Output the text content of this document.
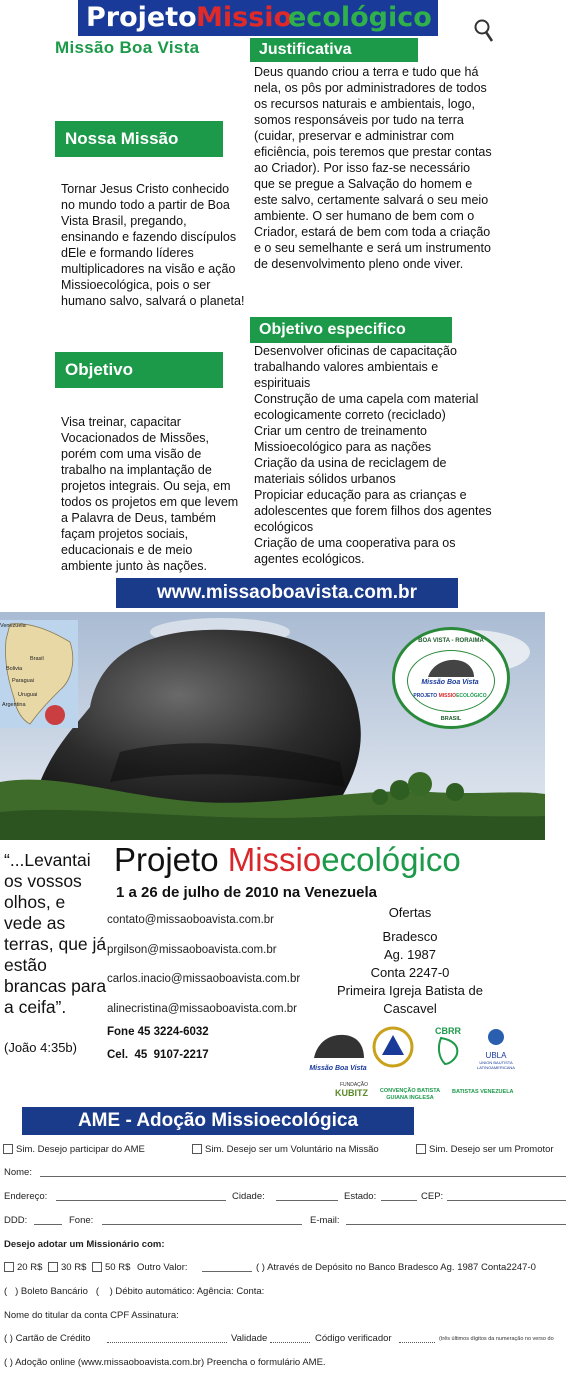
Projeto Missio
ecológico
Missão Boa Vista
Nossa Missão
Tornar Jesus Cristo conhecido no mundo todo a partir de Boa Vista Brasil, pregando, ensinando e fazendo discípulos dEle e formando líderes multiplicadores na visão e ação Missioecológica, pois o ser humano salvo, salvará o planeta!
Objetivo
Visa treinar, capacitar Vocacionados de Missões, porém com uma visão de trabalho na implantação de projetos integrais. Ou seja, em todos os projetos em que levem a Palavra de Deus, também façam projetos sociais, educacionais e de meio ambiente junto às nações.
Justificativa
Deus quando criou a terra e tudo que há nela, os pôs por administradores de todos os recursos naturais e ambientais, logo, somos responsáveis por tudo na terra (cuidar, preservar e administrar com eficiência, pois teremos que prestar contas ao Criador). Por isso faz-se necessário que se pregue a Salvação do homem e este salvo, certamente salvará o seu meio ambiente. O ser humano de bem com o Criador, estará de bem com toda a criação e o seu semelhante e será um instrumento de desenvolvimento pleno onde viver.
Objetivo especifico
Desenvolver oficinas de capacitação trabalhando valores ambientais e espirituais
Construção de uma capela com material ecologicamente correto (reciclado)
Criar um centro de treinamento Missioecológico para as nações
Criação da usina de reciclagem de materiais sólidos urbanos
Propiciar educação para as crianças e adolescentes que forem filhos dos agentes ecológicos
Criação de uma cooperativa para os agentes ecológicos.
www.missaoboavista.com.br
Venezuela
Brasil
Bolivia
Paraguai
Uruguai
Argentina
BOA VISTA - RORAIMA
Missão Boa Vista
PROJETO MISSIOECOLÓGICO
BRASIL
“...Levantai os vossos olhos, e vede as terras, que já estão brancas para a ceifa”.
(João 4:35b)
Projeto Missioecológico
1 a 26 de julho de 2010 na Venezuela
contato@missaoboavista.com.br
prgilson@missaoboavista.com.br
carlos.inacio@missaoboavista.com.br
alinecristina@missaoboavista.com.br
Fone 45 3224-6032
Cel.  45  9107-2217
Ofertas
Bradesco
Ag. 1987
Conta 2247-0
Primeira Igreja Batista de Cascavel
Missão Boa Vista
CBRR
UBLA
UNION BAUTISTA LATINOAMERICANA
FUNDAÇÃO
KUBITZ	CONVENÇÃO BATISTA
GUIANA INGLESA
BATISTAS VENEZUELA
AME - Adoção Missioecológica
Sim. Desejo participar do AME	Sim. Desejo ser um Voluntário na Missão	Sim. Desejo ser um Promotor
Nome:
Endereço:	Cidade:	Estado:	CEP:
DDD:	Fone:	E-mail:
Desejo adotar um Missionário com:
20 R$ 30 R$ 50 R$ Outro Valor:	( ) Através de Depósito no Banco Bradesco Ag. 1987 Conta2247-0
(   ) Boleto Bancário   (    ) Débito automático: Agência: Conta:
Nome do titular da conta CPF Assinatura:
( ) Cartão de Crédito	Validade	Código verificador	(três últimos dígitos da numeração no verso do
( ) Adoção online (www.missaoboavista.com.br) Preencha o formulário AME.
